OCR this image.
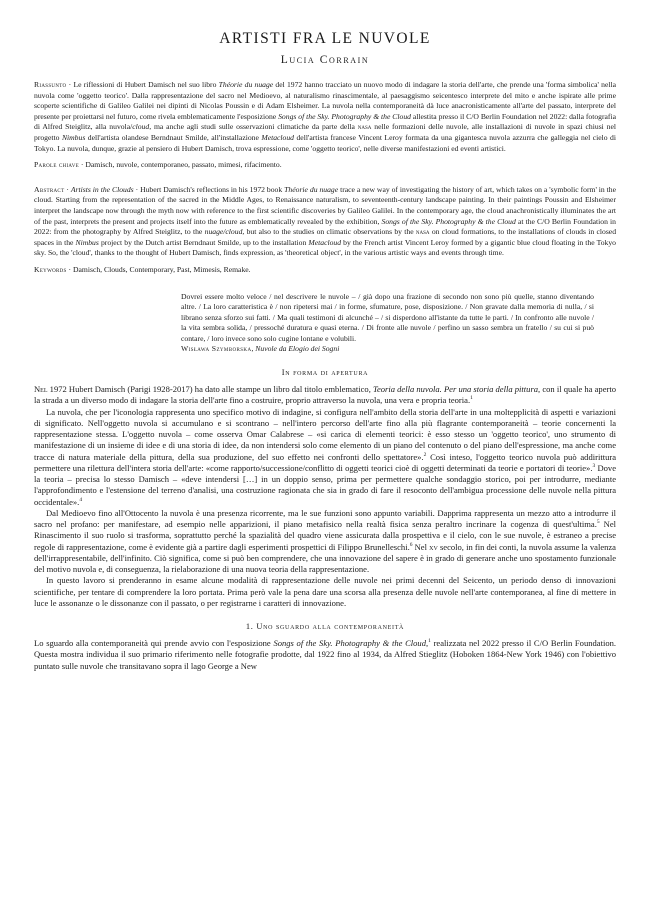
ARTISTI FRA LE NUVOLE
Lucia Corrain

Riassunto · Le riflessioni di Hubert Damisch nel suo libro Théorie du nuage del 1972 hanno tracciato un nuovo modo di indagare la storia dell'arte, che prende una 'forma simbolica' nella nuvola come 'oggetto teorico'. Dalla rappresentazione del sacro nel Medioevo, al naturalismo rinascimentale, al paesaggismo seicentesco interprete del mito e anche ispirate alle prime scoperte scientifiche di Galileo Galilei nei dipinti di Nicolas Poussin e di Adam Elsheimer. La nuvola nella contemporaneità dà luce anacronisticamente all'arte del passato, interprete del presente per proiettarsi nel futuro, come rivela emblematicamente l'esposizione Songs of the Sky. Photography & the Cloud allestita presso il C/O Berlin Foundation nel 2022: dalla fotografia di Alfred Steiglitz, alla nuvola/cloud, ma anche agli studi sulle osservazioni climatiche da parte della nasa nelle formazioni delle nuvole, alle installazioni di nuvole in spazi chiusi nel progetto Nimbus dell'artista olandese Berndnaut Smilde, all'installazione Metacloud dell'artista francese Vincent Leroy formata da una gigantesca nuvola azzurra che galleggia nel cielo di Tokyo. La nuvola, dunque, grazie al pensiero di Hubert Damisch, trova espressione, come 'oggetto teorico', nelle diverse manifestazioni ed eventi artistici.

Parole chiave · Damisch, nuvole, contemporaneo, passato, mimesi, rifacimento.

Abstract · Artists in the Clouds · Hubert Damisch's reflections in his 1972 book Théorie du nuage trace a new way of investigating the history of art, which takes on a 'symbolic form' in the cloud. Starting from the representation of the sacred in the Middle Ages, to Renaissance naturalism, to seventeenth-century landscape painting. In their paintings Poussin and Elsheimer interpret the landscape now through the myth now with reference to the first scientific discoveries by Galileo Galilei. In the contemporary age, the cloud anachronistically illuminates the art of the past, interprets the present and projects itself into the future as emblematically revealed by the exhibition, Songs of the Sky. Photography & the Cloud at the C/O Berlin Foundation in 2022: from the photography by Alfred Steiglitz, to the nuage/cloud, but also to the studies on climatic observations by the nasa on cloud formations, to the installations of clouds in closed spaces in the Nimbus project by the Dutch artist Berndnaut Smilde, up to the installation Metacloud by the French artist Vincent Leroy formed by a gigantic blue cloud floating in the Tokyo sky. So, the 'cloud', thanks to the thought of Hubert Damisch, finds expression, as 'theoretical object', in the various artistic ways and events through time.

Keywords · Damisch, Clouds, Contemporary, Past, Mimesis, Remake.

Dovrei essere molto veloce / nel descrivere le nuvole – / già dopo una frazione di secondo non sono più quelle, stanno diventando altre. / La loro caratteristica è / non ripetersi mai / in forme, sfumature, pose, disposizione. / Non gravate dalla memoria di nulla, / si librano senza sforzo sui fatti. / Ma quali testimoni di alcunché – / si disperdono all'istante da tutte le parti. / In confronto alle nuvole / la vita sembra solida, / pressoché duratura e quasi eterna. / Di fronte alle nuvole / perfino un sasso sembra un fratello / su cui si può contare, / loro invece sono solo cugine lontane e volubili.

Wisława Szymborska, Nuvole da Elogio dei Sogni

In forma di apertura

Nel 1972 Hubert Damisch (Parigi 1928-2017) ha dato alle stampe un libro dal titolo emblematico, Teoria della nuvola. Per una storia della pittura, con il quale ha aperto la strada a un diverso modo di indagare la storia dell'arte fino a costruire, proprio attraverso la nuvola, una vera e propria teoria.$^1$

La nuvola, che per l'iconologia rappresenta uno specifico motivo di indagine, si configura nell'ambito della storia dell'arte in una moltepplicità di aspetti e variazioni di significato. Nell'oggetto nuvola si accumulano e si scontrano – nell'intero percorso dell'arte fino alla più flagrante contemporaneità – teorie concernenti la rappresentazione stessa. L'oggetto nuvola – come osserva Omar Calabrese – «si carica di elementi teorici: è esso stesso un 'oggetto teorico', uno strumento di manifestazione di un insieme di idee e di una storia di idee, da non intendersi solo come elemento di un piano del contenuto o del piano dell'espressione, ma anche come tracce di natura materiale della pittura, della sua produzione, del suo effetto nei confronti dello spettatore».$^2$ Così inteso, l'oggetto teorico nuvola può addirittura permettere una rilettura dell'intera storia dell'arte: «come rapporto/successione/conflitto di oggetti teorici cioè di oggetti determinati da teorie e portatori di teorie».$^3$ Dove la teoria – precisa lo stesso Damisch – «deve intendersi […] in un doppio senso, prima per permettere qualche sondaggio storico, poi per introdurre, mediante l'approfondimento e l'estensione del terreno d'analisi, una costruzione ragionata che sia in grado di fare il resoconto dell'ambigua processione delle nuvole nella pittura occidentale».$^4$

Dal Medioevo fino all'Ottocento la nuvola è una presenza ricorrente, ma le sue funzioni sono appunto variabili. Dapprima rappresenta un mezzo atto a introdurre il sacro nel profano: per manifestare, ad esempio nelle apparizioni, il piano metafisico nella realtà fisica senza peraltro incrinare la cogenza di quest'ultima.$^5$ Nel Rinascimento il suo ruolo si trasforma, soprattutto perché la spazialità del quadro viene assicurata dalla prospettiva e il cielo, con le sue nuvole, è estraneo a precise regole di rappresentazione, come è evidente già a partire dagli esperimenti prospettici di Filippo Brunelleschi.$^6$ Nel xv secolo, in fin dei conti, la nuvola assume la valenza dell'irrappresentabile, dell'infinito. Ciò significa, come si può ben comprendere, che una innovazione del sapere è in grado di generare anche uno spostamento funzionale del motivo nuvola e, di conseguenza, la rielaborazione di una nuova teoria della rappresentazione.

In questo lavoro si prenderanno in esame alcune modalità di rappresentazione delle nuvole nei primi decenni del Seicento, un periodo denso di innovazioni scientifiche, per tentare di comprendere la loro portata. Prima però vale la pena dare una scorsa alla presenza delle nuvole nell'arte contemporanea, al fine di mettere in luce le assonanze o le dissonanze con il passato, o per registrarne i caratteri di innovazione.

1. Uno sguardo alla contemporaneità

Lo sguardo alla contemporaneità qui prende avvio con l'esposizione Songs of the Sky. Photography & the Cloud,$^1$ realizzata nel 2022 presso il C/O Berlin Foundation. Questa mostra individua il suo primario riferimento nelle fotografie prodotte, dal 1922 fino al 1934, da Alfred Stieglitz (Hoboken 1864-New York 1946) con l'obiettivo puntato sulle nuvole che transitavano sopra il lago George a New
